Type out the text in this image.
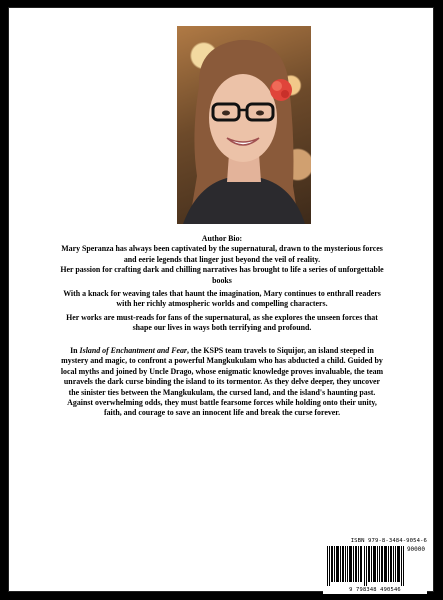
Author Bio:

Mary Speranza has always been captivated by the supernatural, drawn to the mysterious forces

and eerie legends that linger just beyond the veil of reality.

Her passion for crafting dark and chilling narratives has brought to life a series of unforgettable

books

With a knack for weaving tales that haunt the imagination, Mary continues to enthrall readers

with her richly atmospheric worlds and compelling characters.

Her works are must-reads for fans of the supernatural, as she explores the unseen forces that

shape our lives in ways both terrifying and profound.

In Island of Enchantment and Fear, the KSPS team travels to Siquijor, an island steeped in

mystery and magic, to confront a powerful Mangkukulam who has abducted a child. Guided by

local myths and joined by Uncle Drago, whose enigmatic knowledge proves invaluable, the team

unravels the dark curse binding the island to its tormentor. As they delve deeper, they uncover

the sinister ties between the Mangkukulam, the cursed land, and the island's haunting past.

Against overwhelming odds, they must battle fearsome forces while holding onto their unity,

faith, and courage to save an innocent life and break the curse forever.

ISBN 979-8-3484-9054-6
90000
9 798348 490546
